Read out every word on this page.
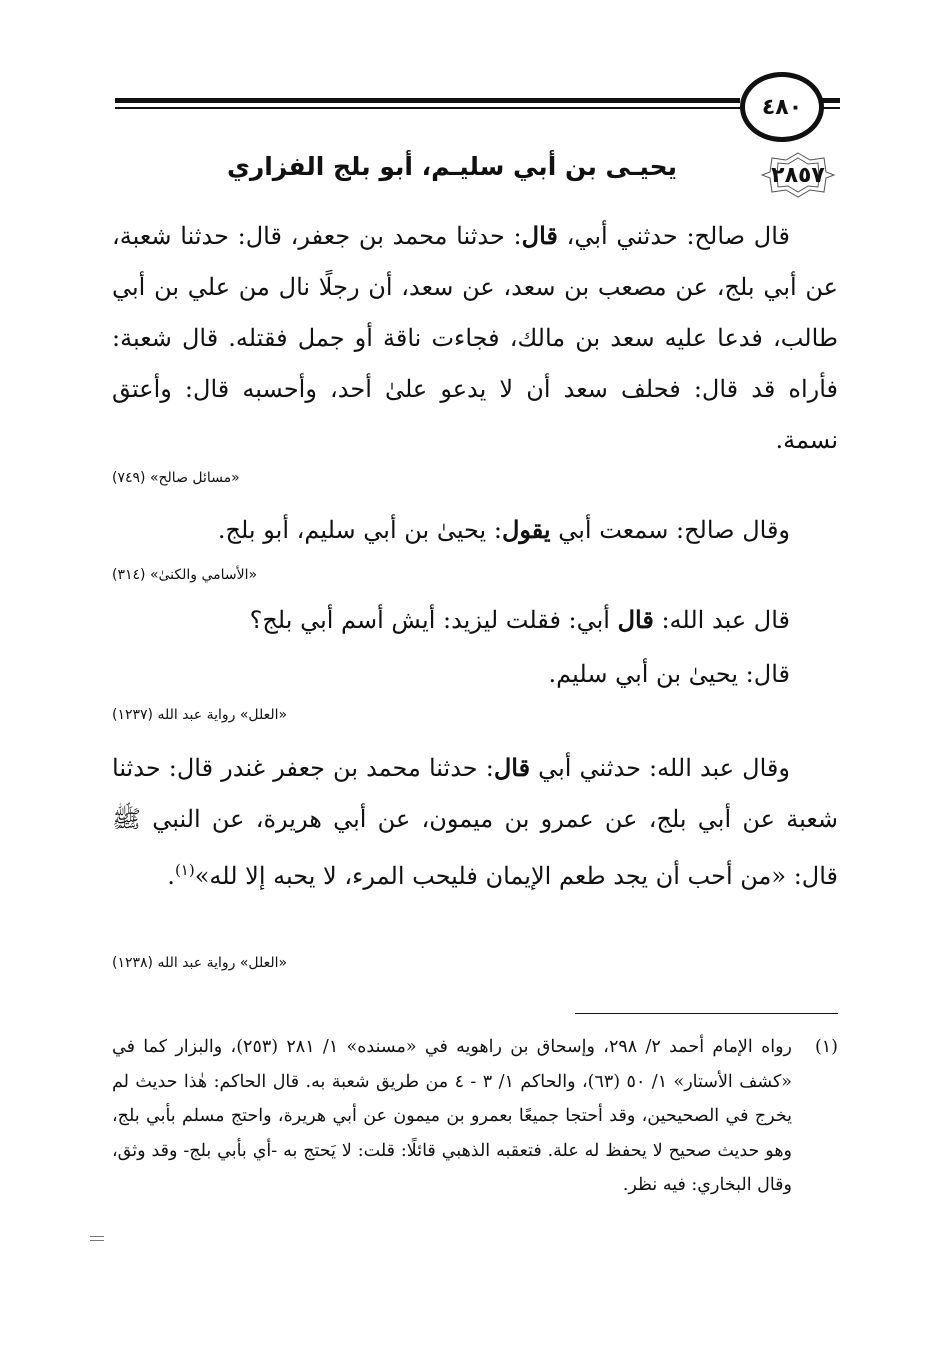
٤٨٠
٢٨٥٧
يحيـى بن أبي سليـم، أبو بلج الفزاري

قال صالح: حدثني أبي، قال: حدثنا محمد بن جعفر، قال: حدثنا شعبة، عن أبي بلج، عن مصعب بن سعد، عن سعد، أن رجلًا نال من علي بن أبي طالب، فدعا عليه سعد بن مالك، فجاءت ناقة أو جمل فقتله. قال شعبة: فأراه قد قال: فحلف سعد أن لا يدعو علىٰ أحد، وأحسبه قال: وأعتق نسمة.

«مسائل صالح» (٧٤٩)

وقال صالح: سمعت أبي يقول: يحيىٰ بن أبي سليم، أبو بلج.

«الأسامي والكنىٰ» (٣١٤)

قال عبد الله: قال أبي: فقلت ليزيد: أيش أسم أبي بلج؟

قال: يحيىٰ بن أبي سليم.

«العلل» رواية عبد الله (١٢٣٧)

وقال عبد الله: حدثني أبي قال: حدثنا محمد بن جعفر غندر قال: حدثنا شعبة عن أبي بلج، عن عمرو بن ميمون، عن أبي هريرة، عن النبي ﷺ قال: «من أحب أن يجد طعم الإيمان فليحب المرء، لا يحبه إلا لله»$^{(١)}$.

«العلل» رواية عبد الله (١٢٣٨)
(١)
رواه الإمام أحمد ٢/ ٢٩٨، وإسحاق بن راهويه في «مسنده» ١/ ٢٨١ (٢٥٣)، والبزار كما في «كشف الأستار» ١/ ٥٠ (٦٣)، والحاكم ١/ ٣ - ٤ من طريق شعبة به. قال الحاكم: هٰذا حديث لم يخرج في الصحيحين، وقد أحتجا جميعًا بعمرو بن ميمون عن أبي هريرة، واحتج مسلم بأبي بلج، وهو حديث صحيح لا يحفظ له علة. فتعقبه الذهبي قائلًا: قلت: لا يَحتج به -أي بأبي بلج- وقد وثق، وقال البخاري: فيه نظر.
